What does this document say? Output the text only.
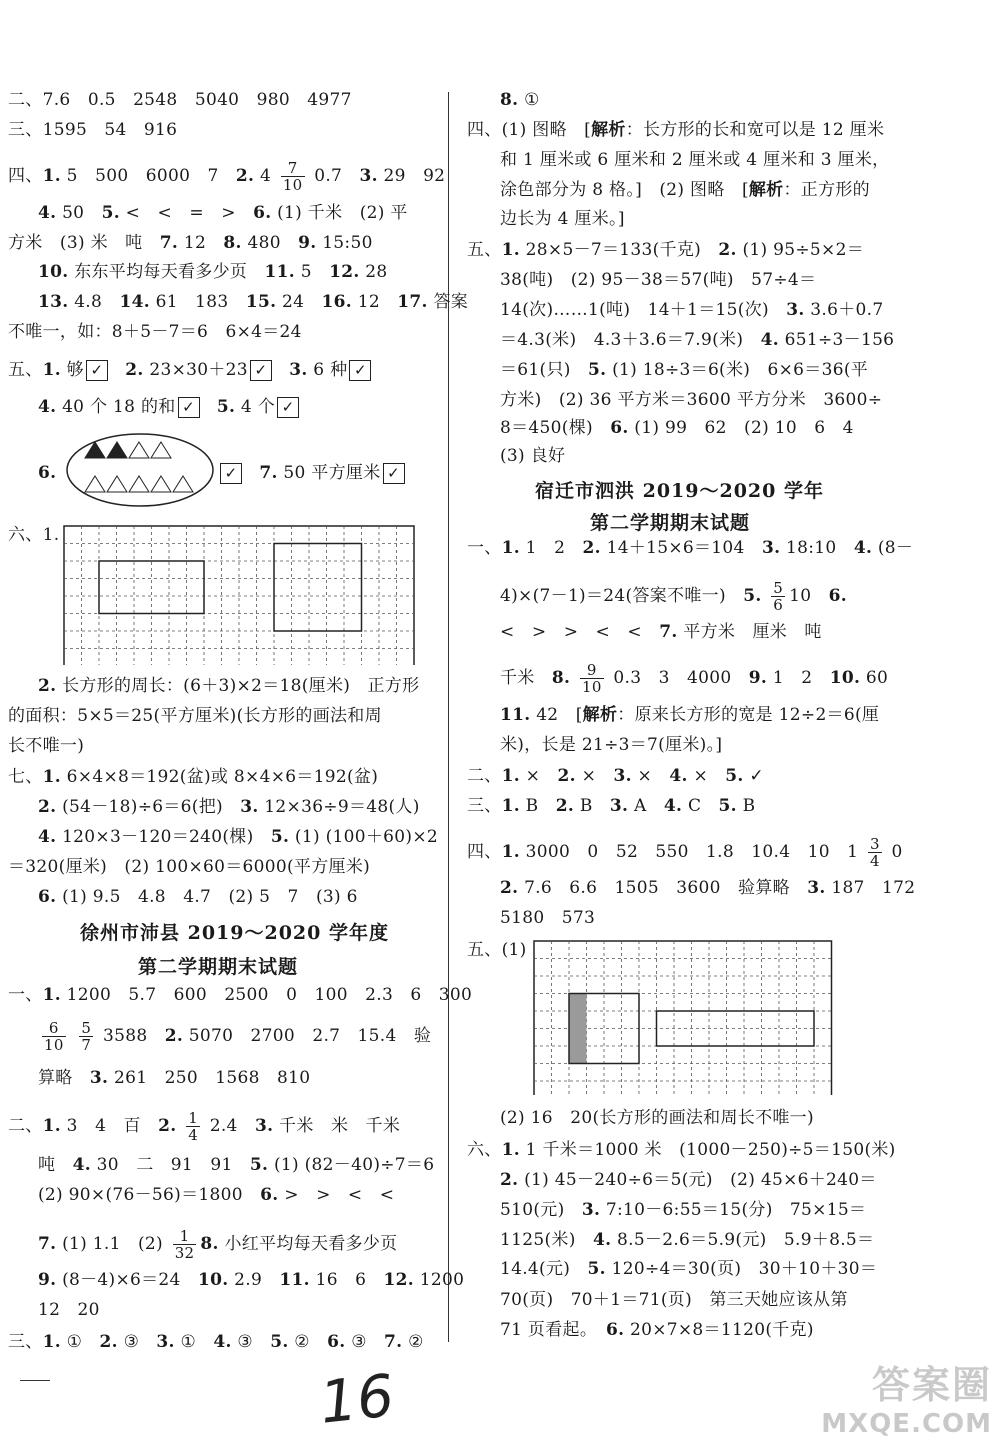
二、7.6　0.5　2548　5040　980　4977
三、1595　54　916
四、1. 5　500　6000　7　2. $4 \frac{7}{10} 0.7$　3. 29　92
4. 50　5. <　<　=　>　6. (1) 千米　(2) 平
方米　(3) 米　吨　7. 12　8. 480　9. 15:50
10. 东东平均每天看多少页　11. 5　12. 28
13. 4.8　14. 61　183　15. 24　16. 12　17. 答案
不唯一，如：8＋5－7＝6　6×4＝24
五、1. 够 ✓　 2. 23×30＋23 ✓　 3. 6 种 ✓
4. 40 个 18 的和 ✓　 5. 4 个 ✓
6.	✓　 7. 50 平方厘米 ✓
六、1.
2. 长方形的周长：(6＋3)×2＝18(厘米)　正方形
的面积：5×5＝25(平方厘米)(长方形的画法和周
长不唯一)
七、1. 6×4×8＝192(盆)或 8×4×6＝192(盆)
2. (54－18)÷6＝6(把)　3. 12×36÷9＝48(人)
4. 120×3－120＝240(棵)　5. (1) (100＋60)×2
＝320(厘米)　(2) 100×60＝6000(平方厘米)
6. (1) 9.5　4.8　4.7　(2) 5　7　(3) 6
徐州市沛县 2019～2020 学年度
第二学期期末试题
一、1. 1200　5.7　600　2500　0　100　2.3　6　300
$\frac{6}{10}$
$\frac{5}{7} 3588$　2. 5070　2700　2.7　15.4　验
算略　3. 261　250　1568　810
二、1. 3　4　百　2. $\frac{1}{4} 2.4$　3. 千米　米　千米
吨　4. 30　二　91　91　5. (1) (82－40)÷7＝6
(2) 90×(76－56)＝1800　6. >　>　<　<
7. (1) 1.1　$(2) \frac{1}{32} 8$. 小红平均每天看多少页
9. (8－4)×6＝24　10. 2.9　11. 16　6　12. 1200
12　20
三、1. ①　2. ③　3. ①　4. ③　5. ②　6. ③　7. ②
8. ①
四、(1) 图略　[解析：长方形的长和宽可以是 12 厘米
和 1 厘米或 6 厘米和 2 厘米或 4 厘米和 3 厘米，
涂色部分为 8 格。]　(2) 图略　[解析：正方形的
边长为 4 厘米。]
五、1. 28×5－7＝133(千克)　2. (1) 95÷5×2＝
38(吨)　(2) 95－38＝57(吨)　57÷4＝
14(次)……1(吨)　14＋1＝15(次)　3. 3.6＋0.7
＝4.3(米)　4.3＋3.6＝7.9(米)　4. 651÷3－156
＝61(只)　5. (1) 18÷3＝6(米)　6×6＝36(平
方米)　(2) 36 平方米＝3600 平方分米　3600÷
8＝450(棵)　6. (1) 99　62　(2) 10　6　4
(3) 良好
宿迁市泗洪 2019～2020 学年
第二学期期末试题
一、1. 1　2　2. 14＋15×6＝104　3. 18:10　4. (8－
4)×(7－1)＝24(答案不唯一)　5. $\frac{5}{6} 10$　6.
<　>　>　<　<　7. 平方米　厘米　吨
千米　8. $\frac{9}{10} 0.3$　3　4000　9. 1　2　10. 60
11. 42　[解析：原来长方形的宽是 12÷2＝6(厘
米)，长是 21÷3＝7(厘米)。]
二、1. ×　2. ×　3. ×　4. ×　5. ✓
三、1. B　2. B　3. A　4. C　5. B
四、1. 3000　0　52　550　1.8　10.4　10　$1 \frac{3}{4} 0$
2. 7.6　6.6　1505　3600　验算略　3. 187　172
5180　573
五、(1)
(2) 16　20(长方形的画法和周长不唯一)
六、1. 1 千米＝1000 米　(1000－250)÷5＝150(米)
2. (1) 45－240÷6＝5(元)　(2) 45×6＋240＝
510(元)　3. 7:10－6:55＝15(分)　75×15＝
1125(米)　4. 8.5－2.6＝5.9(元)　5.9＋8.5＝
14.4(元)　5. 120÷4＝30(页)　30＋10＋30＝
70(页)　70＋1＝71(页)　第三天她应该从第
71 页看起。　6. 20×7×8＝1120(千克)
16	答案圈
MXQE.COM
